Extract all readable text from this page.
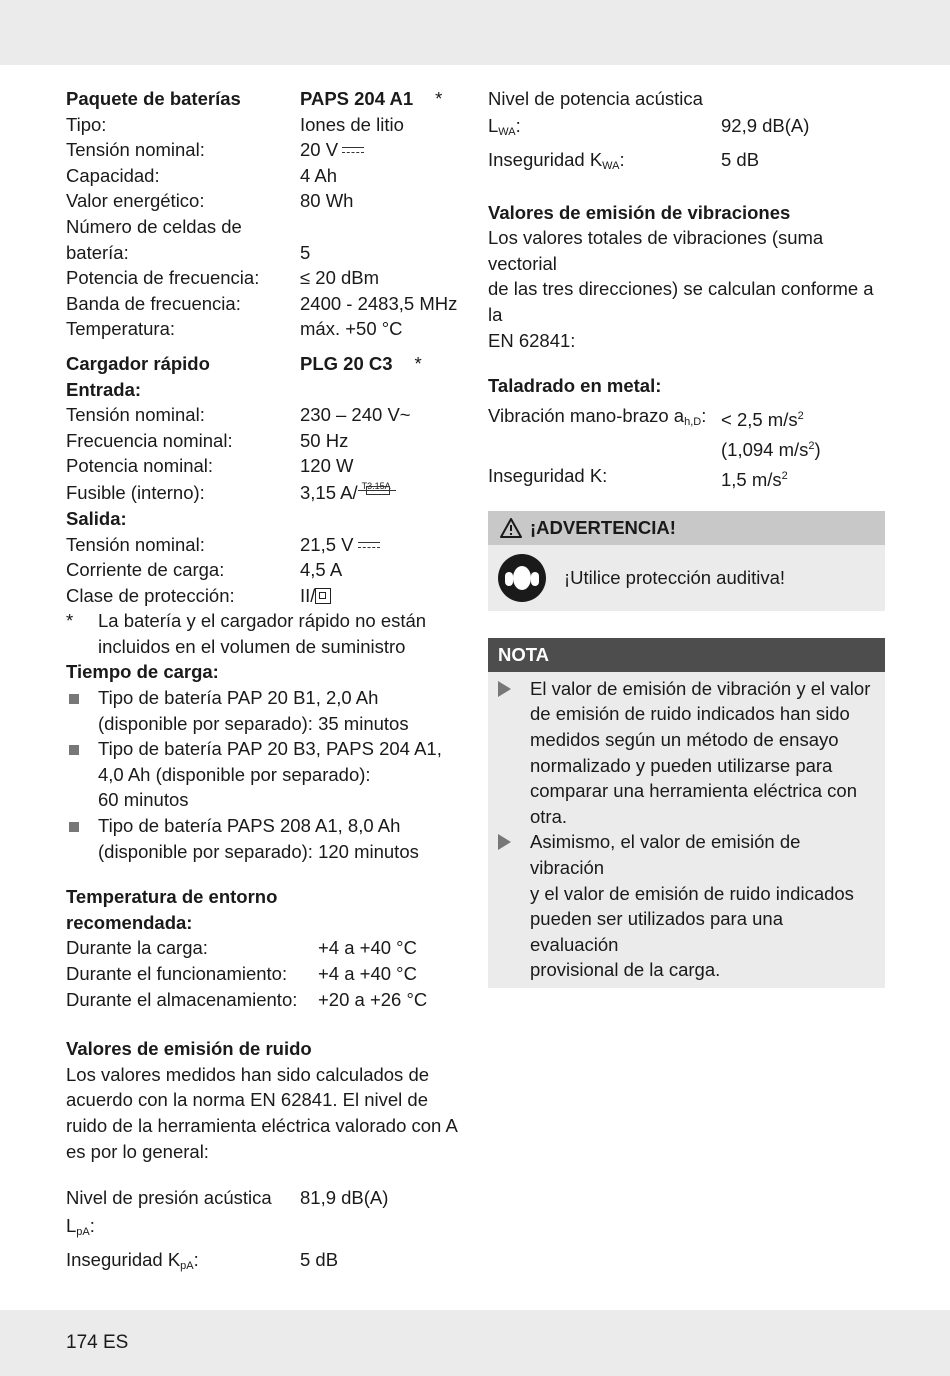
Paquete de baterías	PAPS 204 A1 *
Tipo:	Iones de litio
Tensión nominal:	20 V
Capacidad:	4 Ah
Valor energético:	80 Wh
Número de celdas de
batería:	5
Potencia de frecuencia:	≤ 20 dBm
Banda de frecuencia:	2400 - 2483,5 MHz
Temperatura:	máx. +50 °C
Cargador rápido	PLG 20 C3 *
Entrada:
Tensión nominal:	230 – 240 V~
Frecuencia nominal:	50 Hz
Potencia nominal:	120 W
Fusible (interno):	3,15 A/ T3.15A
Salida:
Tensión nominal:	21,5 V
Corriente de carga:	4,5 A
Clase de protección:	II/
*	La batería y el cargador rápido no están
incluidos en el volumen de suministro
Tiempo de carga:
Tipo de batería PAP 20 B1, 2,0 Ah
(disponible por separado): 35 minutos
Tipo de batería PAP 20 B3, PAPS 204 A1,
4,0 Ah (disponible por separado):
60 minutos
Tipo de batería PAPS 208 A1, 8,0 Ah
(disponible por separado): 120 minutos
Temperatura de entorno
recomendada:
Durante la carga:	+4 a +40 °C
Durante el funcionamiento:	+4 a +40 °C
Durante el almacenamiento:	+20 a +26 °C
Valores de emisión de ruido
Los valores medidos han sido calculados de
acuerdo con la norma EN 62841. El nivel de
ruido de la herramienta eléctrica valorado con A
es por lo general:
Nivel de presión acústica $L_{pA}$:
81,9 dB(A)
Inseguridad $K_{pA}$:	5 dB
Nivel de potencia acústica
$L_{WA}$:	92,9 dB(A)
Inseguridad $K_{WA}$:	5 dB
Valores de emisión de vibraciones
Los valores totales de vibraciones (suma vectorial
de las tres direcciones) se calculan conforme a la
EN 62841:
Taladrado en metal:
Vibración mano-brazo $a_{h,D}$: < 2,5 $m/s^2$
(1,094 $m/s^2$)
Inseguridad K:	1,5 $m/s^2$
¡ADVERTENCIA!
¡Utilice protección auditiva!
NOTA
El valor de emisión de vibración y el valor
de emisión de ruido indicados han sido
medidos según un método de ensayo
normalizado y pueden utilizarse para
comparar una herramienta eléctrica con
otra.
Asimismo, el valor de emisión de vibración
y el valor de emisión de ruido indicados
pueden ser utilizados para una evaluación
provisional de la carga.
174 ES
